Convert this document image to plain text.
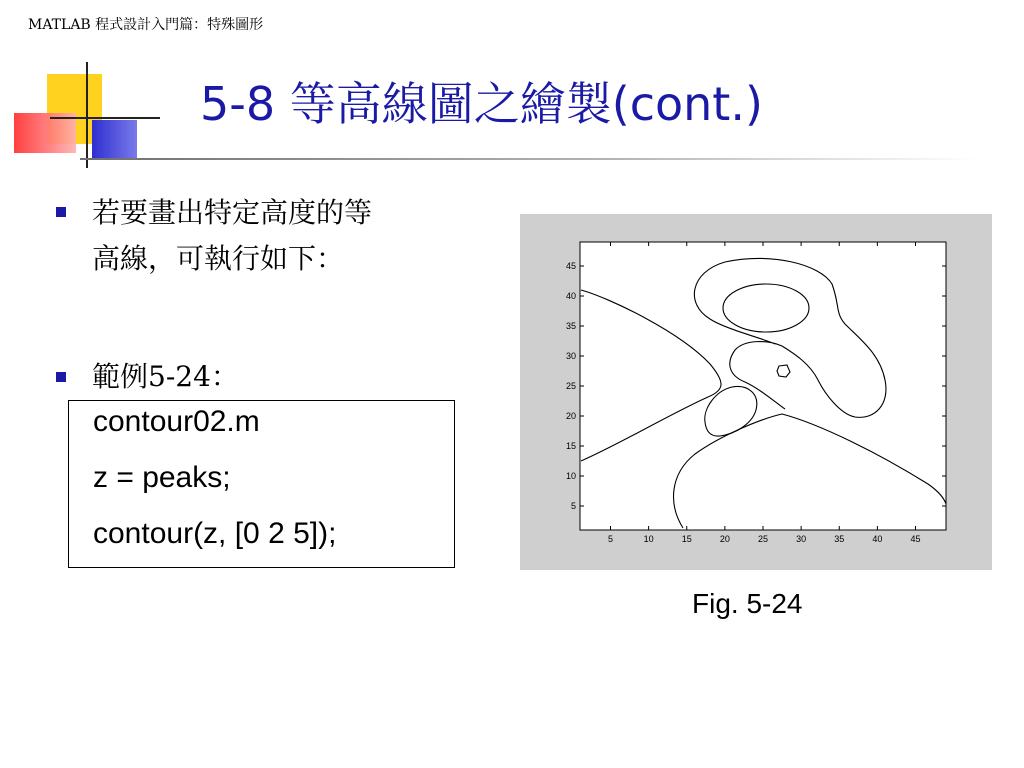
MATLAB 程式設計入門篇：特殊圖形
5-8 等高線圖之繪製(cont.)
若要畫出特定高度的等
高線，可執行如下：
範例5-24：
contour02.m
z = peaks;
contour(z, [0 2 5]);	5	10	15	20	25	30	35	40	45
5
10
15
20
25
30
35
40
45
Fig. 5-24
